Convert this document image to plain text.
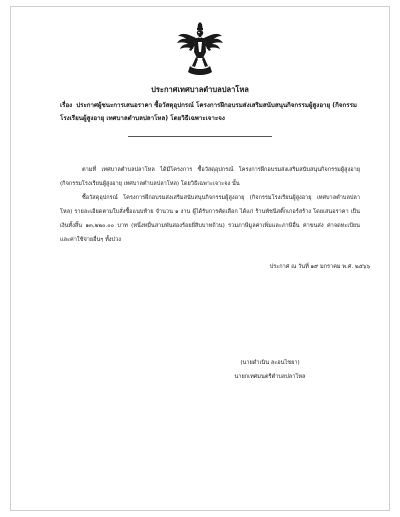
ประกาศเทศบาลตำบลปลาโหล
เรื่อง ประกาศผู้ชนะการเสนอราคา ซื้อวัสดุอุปกรณ์ โครงการฝึกอบรมส่งเสริมสนับสนุนกิจกรรมผู้สูงอายุ (กิจกรรมโรงเรียนผู้สูงอายุ เทศบาลตำบลปลาโหล) โดยวิธีเฉพาะเจาะจง

ตามที่ เทศบาลตำบลปลาโหล ได้มีโครงการ ซื้อวัสดุอุปกรณ์ โครงการฝึกอบรมส่งเสริมสนับสนุนกิจกรรมผู้สูงอายุ (กิจกรรมโรงเรียนผู้สูงอายุ เทศบาลตำบลปลาโหล) โดยวิธีเฉพาะเจาะจง นั้น

ซื้อวัสดุอุปกรณ์ โครงการฝึกอบรมส่งเสริมสนับสนุนกิจกรรมผู้สูงอายุ (กิจกรรมโรงเรียนผู้สูงอายุ เทศบาลตำบลปลาโหล) รายละเอียดตามใบสั่งซื้อแนบท้าย จำนวน ๑ งาน ผู้ได้รับการคัดเลือก ได้แก่ ร้านพัชนีสติ๊กเกอร์สร้าง โดยเสนอราคา เป็นเงินทั้งสิ้น ๑๓,๒๒๐.๐๐ บาท (หนึ่งหมื่นสามพันสองร้อยยี่สิบบาทถ้วน) รวมภาษีมูลค่าเพิ่มและภาษีอื่น ค่าขนส่ง ค่าจดทะเบียน และค่าใช้จ่ายอื่นๆ ทั้งปวง

ประกาศ ณ วันที่ ๑๙ มกราคม พ.ศ. ๒๕๖๖
(นายดำเนิน ละอนไชยา)
นายกเทศมนตรีตำบลปลาโหล
